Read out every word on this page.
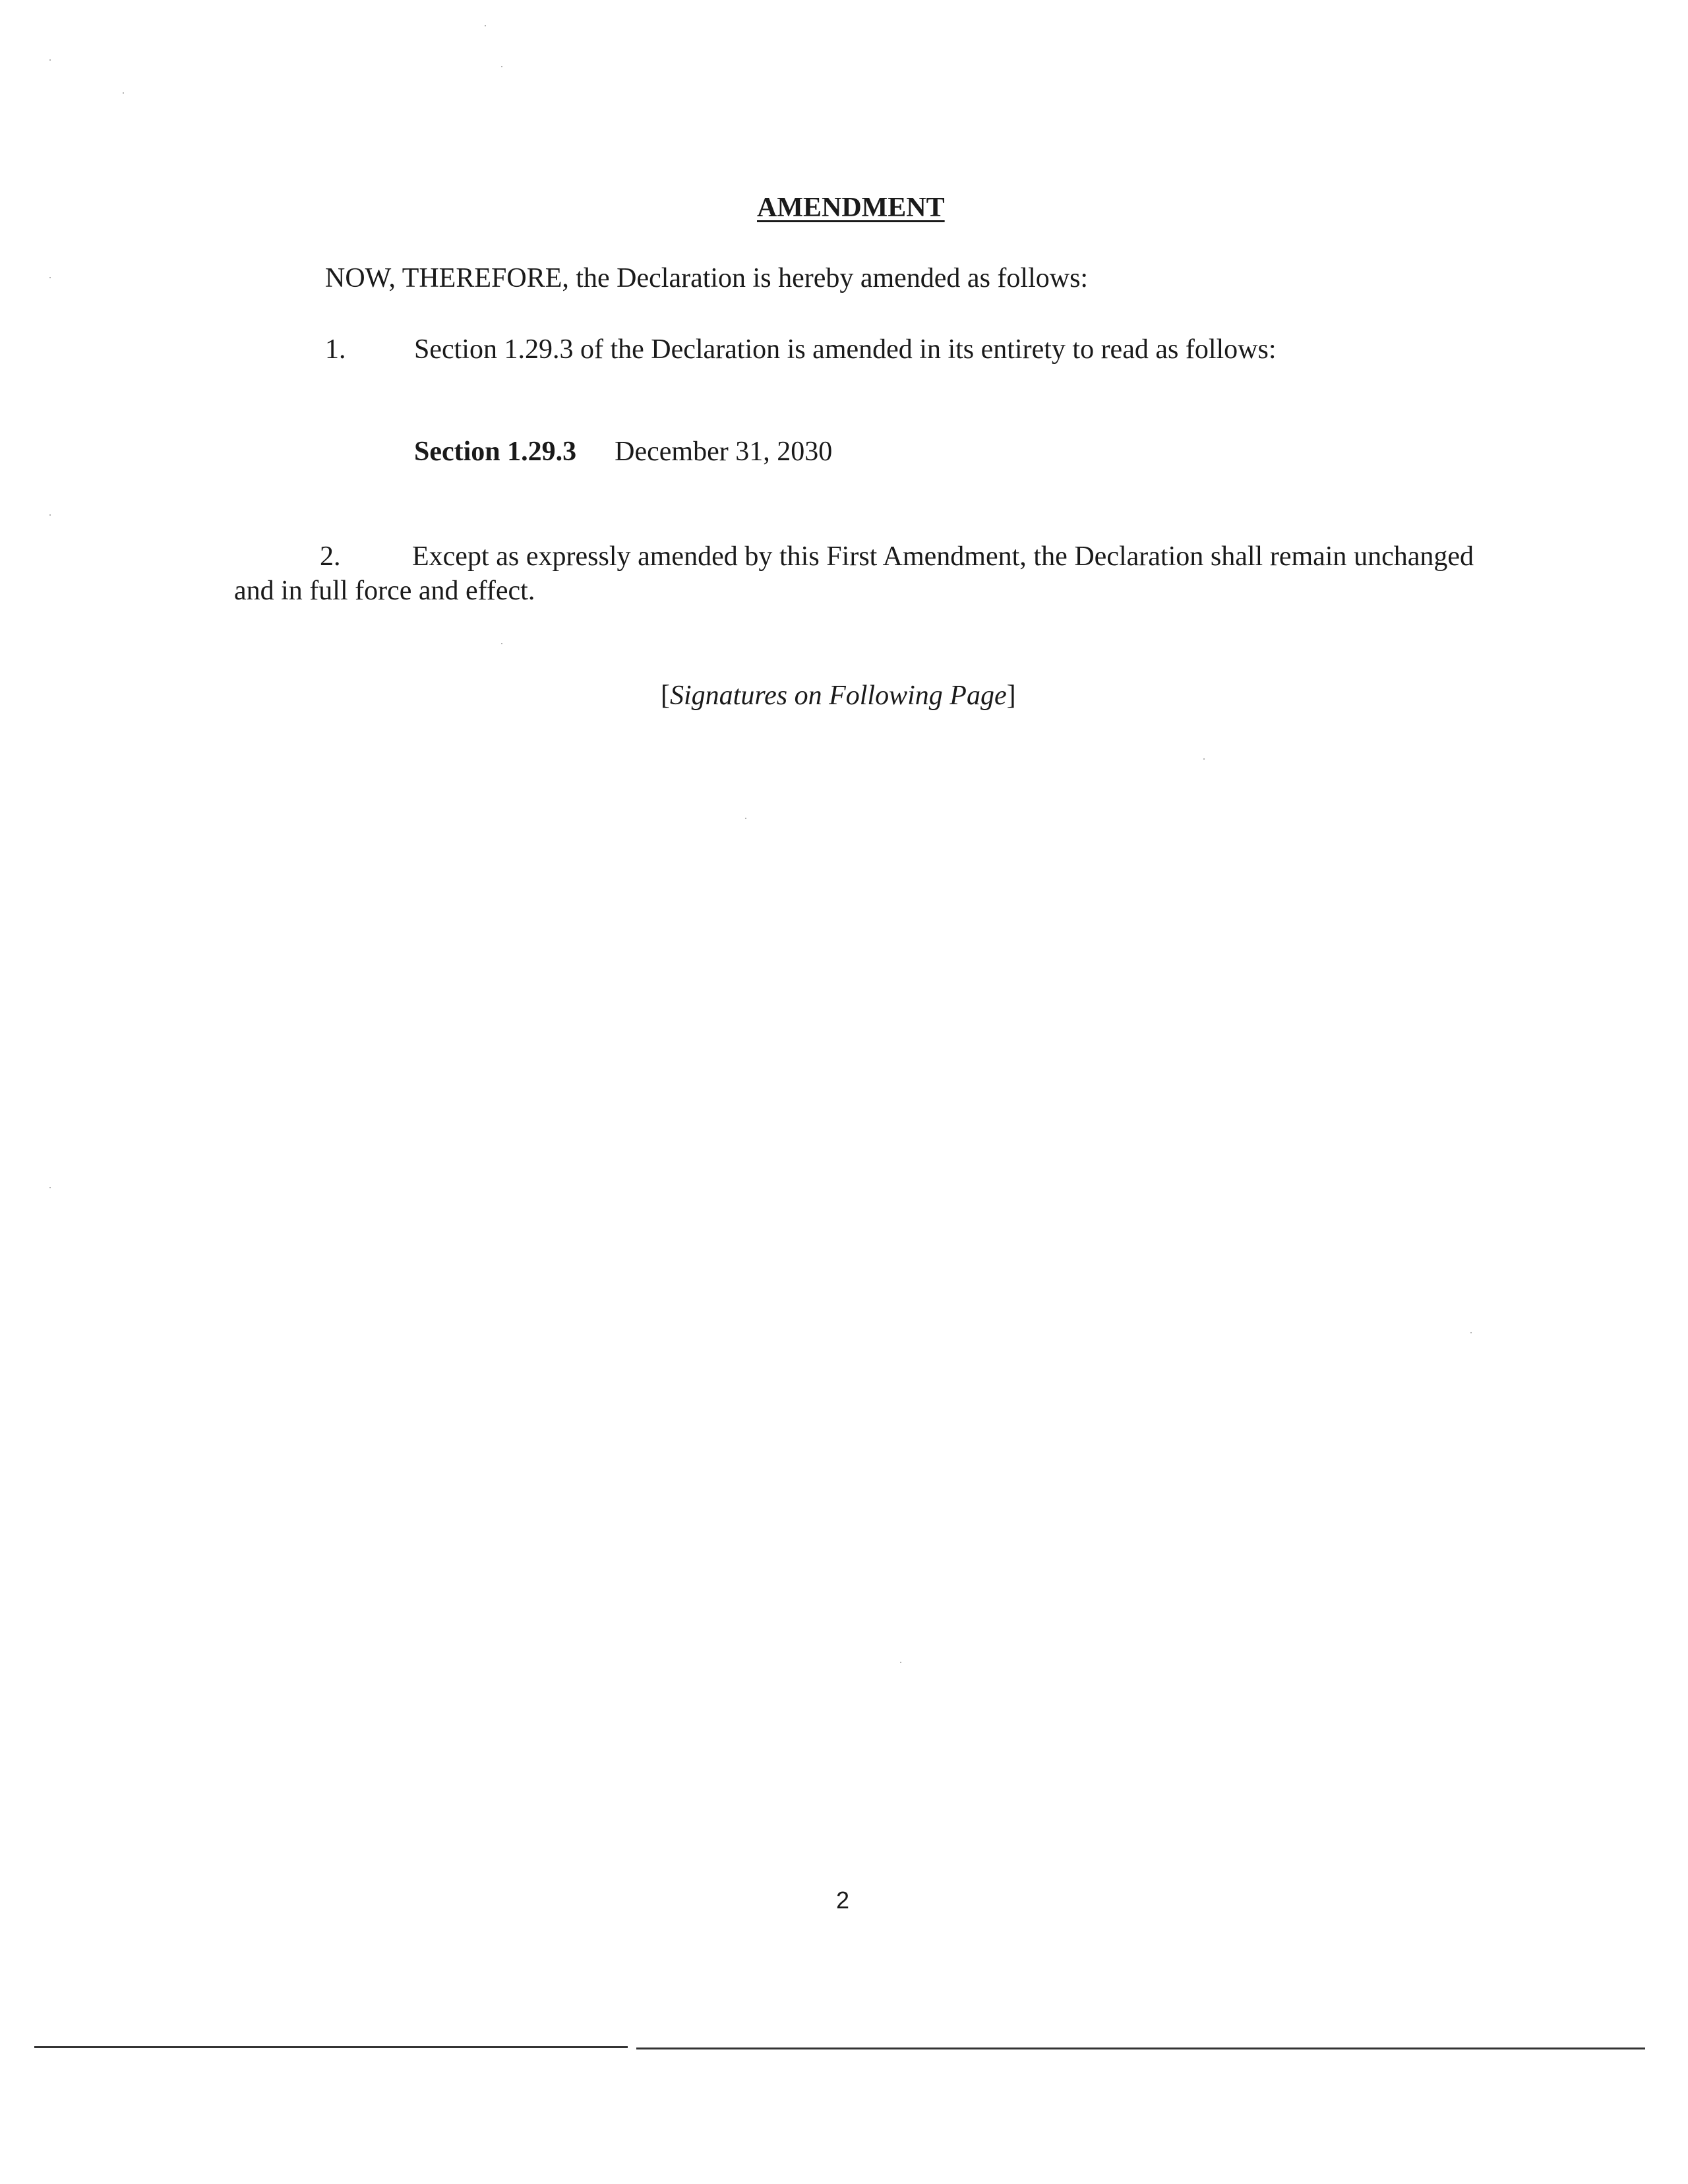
AMENDMENT
NOW, THEREFORE, the Declaration is hereby amended as follows:
1. Section 1.29.3 of the Declaration is amended in its entirety to read as follows:
Section 1.29.3 December 31, 2030
2.	Except as expressly amended by this First Amendment, the Declaration shall remain unchanged and in full force and effect.
[Signatures on Following Page]
2
